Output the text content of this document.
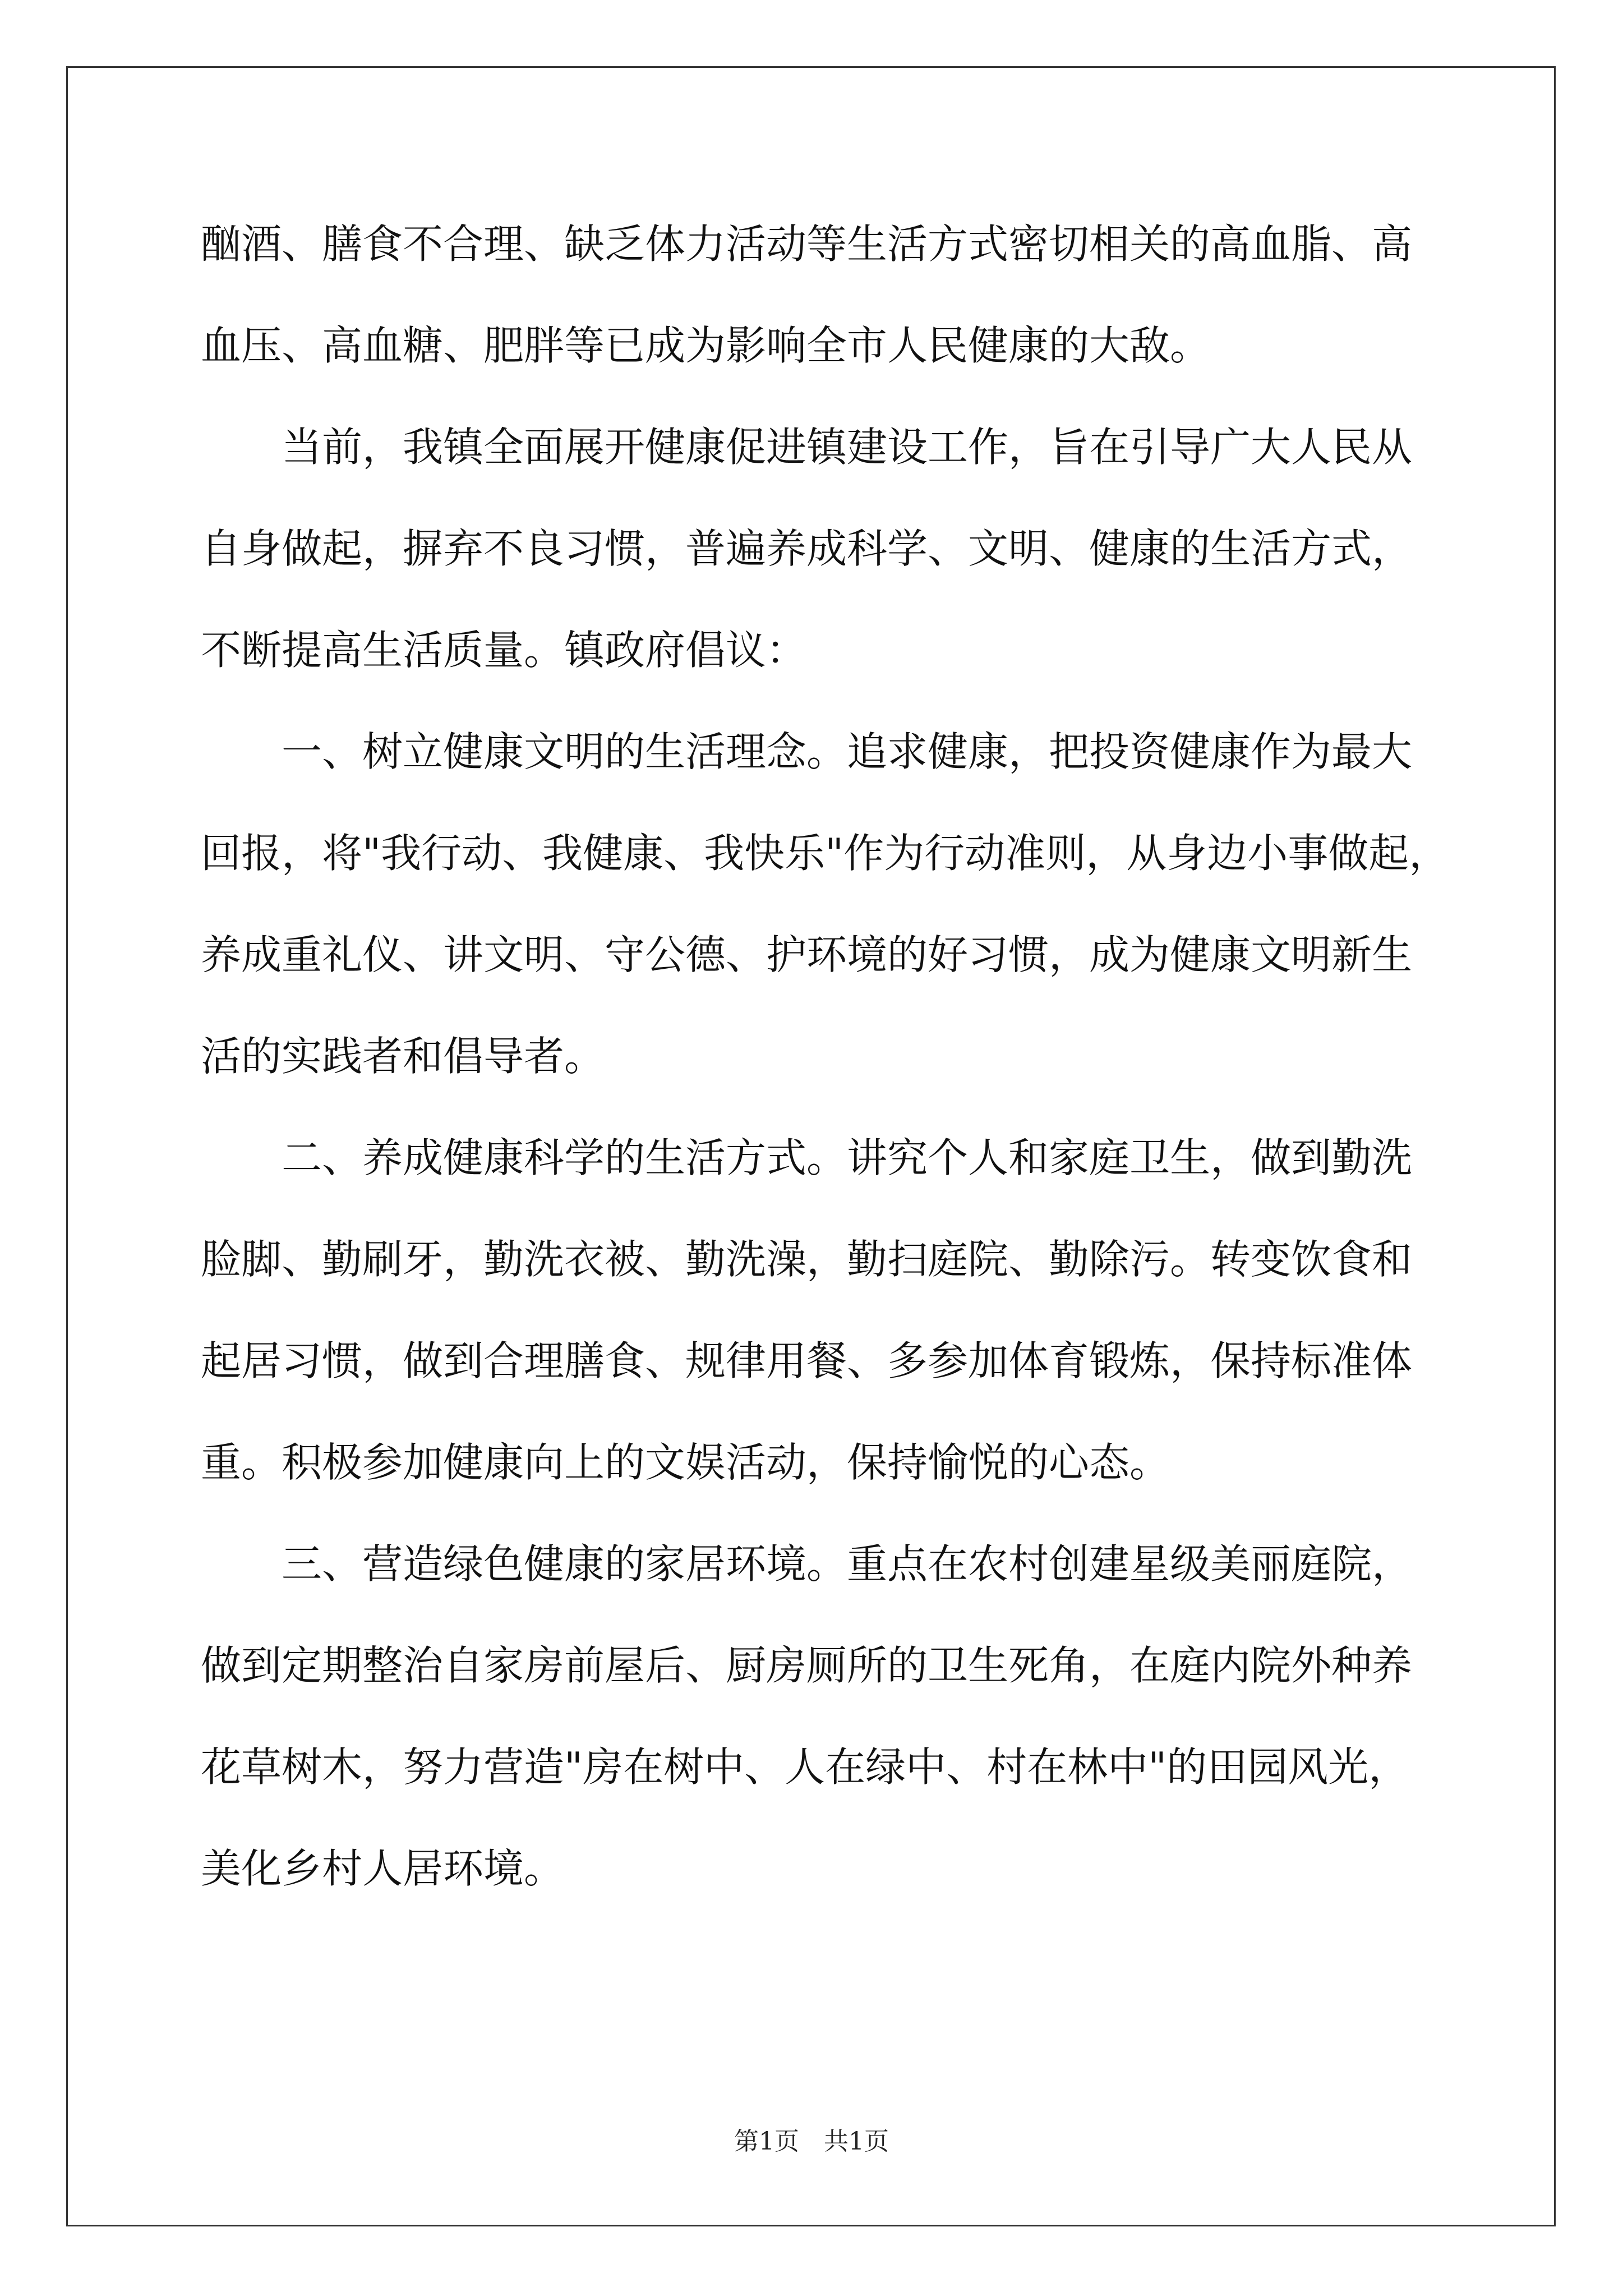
酗酒、膳食不合理、缺乏体力活动等生活方式密切相关的高血脂、高
血压、高血糖、肥胖等已成为影响全市人民健康的大敌。
　　当前，我镇全面展开健康促进镇建设工作，旨在引导广大人民从
自身做起，摒弃不良习惯，普遍养成科学、文明、健康的生活方式，
不断提高生活质量。镇政府倡议：
　　一、树立健康文明的生活理念。追求健康，把投资健康作为最大
回报，将"我行动、我健康、我快乐"作为行动准则，从身边小事做起，
养成重礼仪、讲文明、守公德、护环境的好习惯，成为健康文明新生
活的实践者和倡导者。
　　二、养成健康科学的生活方式。讲究个人和家庭卫生，做到勤洗
脸脚、勤刷牙，勤洗衣被、勤洗澡，勤扫庭院、勤除污。转变饮食和
起居习惯，做到合理膳食、规律用餐、多参加体育锻炼，保持标准体
重。积极参加健康向上的文娱活动，保持愉悦的心态。
　　三、营造绿色健康的家居环境。重点在农村创建星级美丽庭院，
做到定期整治自家房前屋后、厨房厕所的卫生死角，在庭内院外种养
花草树木，努力营造"房在树中、人在绿中、村在林中"的田园风光，
美化乡村人居环境。
第1页　共1页
